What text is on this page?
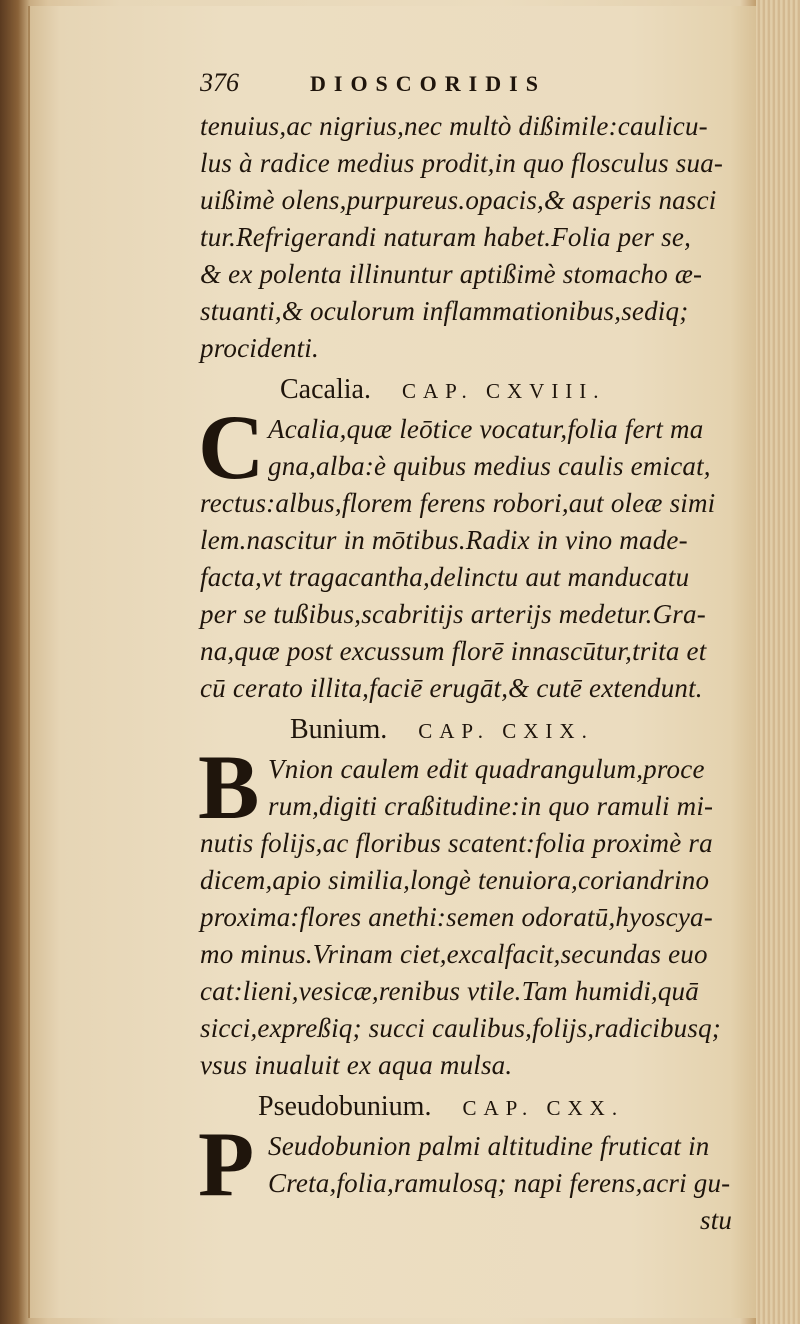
376	DIOSCORIDIS
tenuius,ac nigrius,nec multò dißimile:caulicu-
lus à radice medius prodit,in quo flosculus sua-
uißimè olens,purpureus.opacis,& asperis nasci
tur.Refrigerandi naturam habet.Folia per se,
& ex polenta illinuntur aptißimè stomacho æ-
stuanti,& oculorum inflammationibus,sediq;
procidenti.
Cacalia. CAP. CXVIII.
C Acalia,quæ leōtice vocatur,folia fert ma
gna,alba:è quibus medius caulis emicat,
rectus:albus,florem ferens robori,aut oleæ simi
lem.nascitur in mōtibus.Radix in vino made-
facta,vt tragacantha,delinctu aut manducatu
per se tußibus,scabritijs arterijs medetur.Gra-
na,quæ post excussum florē innascūtur,trita et
cū cerato illita,faciē erugāt,& cutē extendunt.
Bunium. CAP. CXIX.
B Vnion caulem edit quadrangulum,proce
rum,digiti craßitudine:in quo ramuli mi-
nutis folijs,ac floribus scatent:folia proximè ra
dicem,apio similia,longè tenuiora,coriandrino
proxima:flores anethi:semen odoratū,hyoscya-
mo minus.Vrinam ciet,excalfacit,secundas euo
cat:lieni,vesicæ,renibus vtile.Tam humidi,quā
sicci,expreßiq; succi caulibus,folijs,radicibusq;
vsus inualuit ex aqua mulsa.
Pseudobunium. CAP. CXX.
P Seudobunion palmi altitudine fruticat in
Creta,folia,ramulosq; napi ferens,acri gu-
stu
